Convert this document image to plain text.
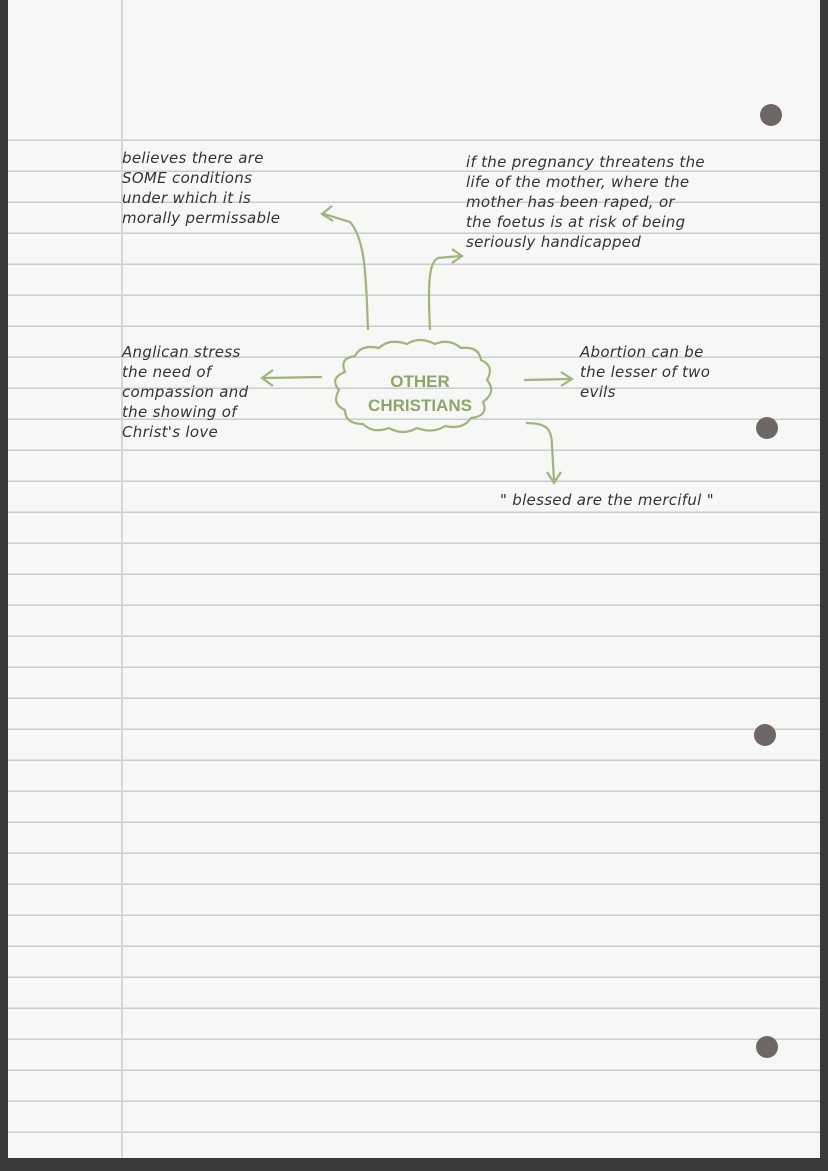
OTHER
CHRISTIANS
believes there are
SOME conditions
under which it is
morally permissable
if the pregnancy threatens the
life of the mother, where the
mother has been raped, or
the foetus is at risk of being
seriously handicapped
Anglican stress
the need of
compassion and
the showing of
Christ's love
Abortion can be
the lesser of two
evils
" blessed are the merciful "
